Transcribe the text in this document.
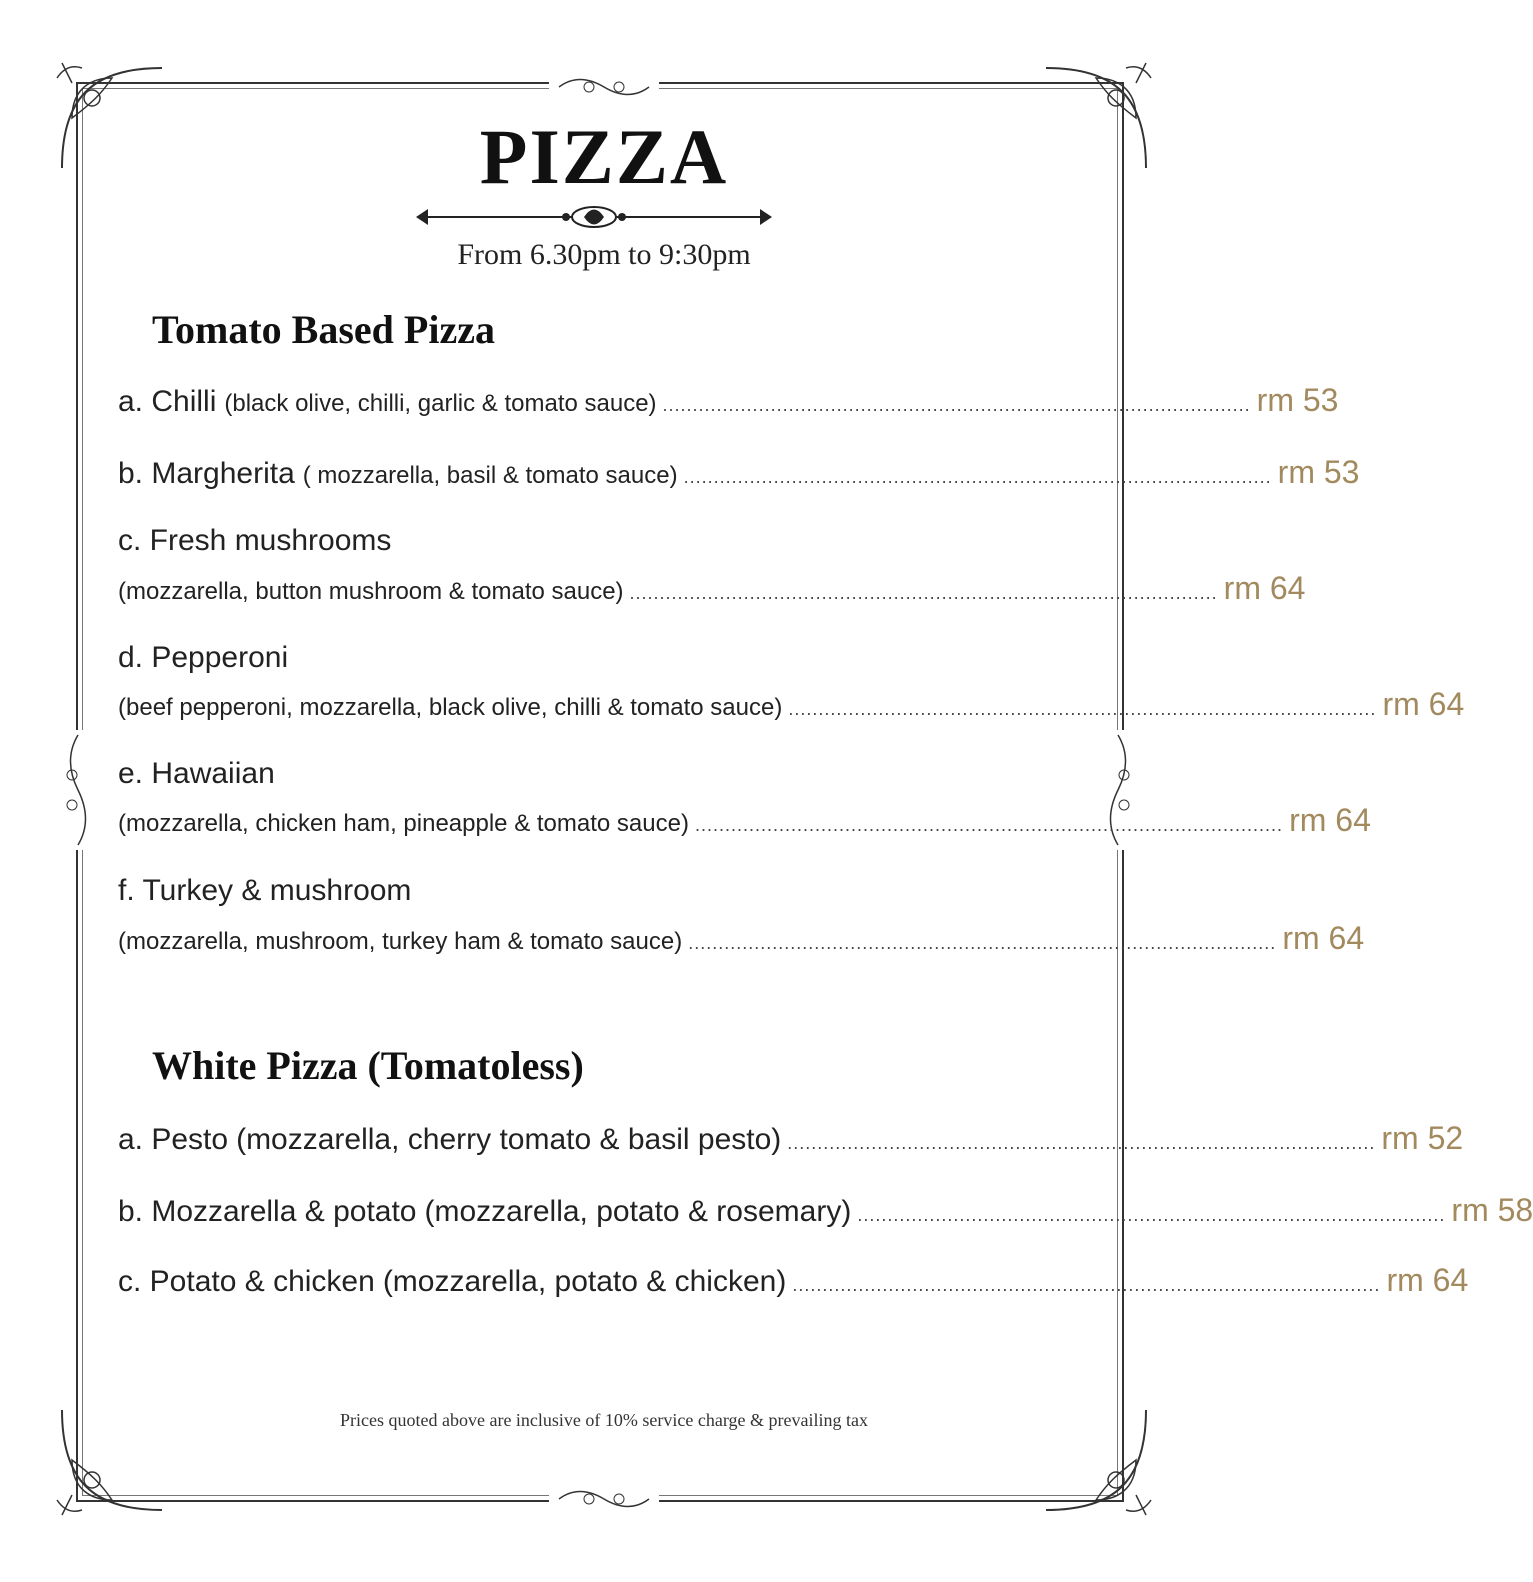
PIZZA
From 6.30pm to 9:30pm
Tomato Based Pizza
a. Chilli (black olive, chilli, garlic & tomato sauce) .................................................................................................. rm 53
b. Margherita ( mozzarella, basil & tomato sauce) .................................................................................................. rm 53
c. Fresh mushrooms
(mozzarella, button mushroom & tomato sauce) .................................................................................................. rm 64
d. Pepperoni
(beef pepperoni, mozzarella, black olive, chilli & tomato sauce) .................................................................................................. rm 64
e. Hawaiian
(mozzarella, chicken ham, pineapple & tomato sauce) .................................................................................................. rm 64
f. Turkey & mushroom
(mozzarella, mushroom, turkey ham & tomato sauce) .................................................................................................. rm 64
White Pizza (Tomatoless)
a. Pesto (mozzarella, cherry tomato & basil pesto) .................................................................................................. rm 52
b. Mozzarella & potato (mozzarella, potato & rosemary) .................................................................................................. rm 58
c. Potato & chicken (mozzarella, potato & chicken) .................................................................................................. rm 64
Prices quoted above are inclusive of 10% service charge & prevailing tax
